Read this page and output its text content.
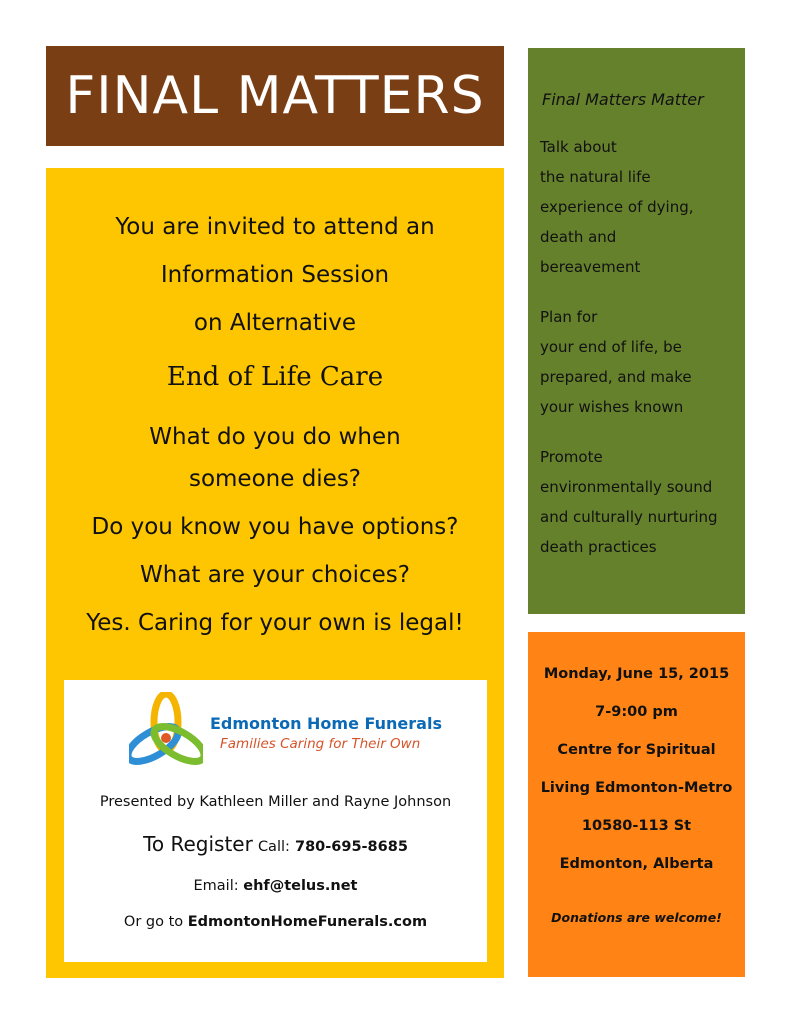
FINAL MATTERS
You are invited to attend an
Information Session
on Alternative
End of Life Care
What do you do when
someone dies?
Do you know you have options?
What are your choices?
Yes. Caring for your own is legal!
Edmonton Home Funerals
Families Caring for Their Own
Presented by Kathleen Miller and Rayne Johnson
To Register Call: 780-695-8685
Email: ehf@telus.net
Or go to EdmontonHomeFunerals.com
Final Matters Matter
Talk about
the natural life
experience of dying,
death and
bereavement
Plan for
your end of life, be
prepared, and make
your wishes known
Promote
environmentally sound
and culturally nurturing
death practices
Monday, June 15, 2015
7-9:00 pm
Centre for Spiritual
Living Edmonton-Metro
10580-113 St
Edmonton, Alberta
Donations are welcome!
